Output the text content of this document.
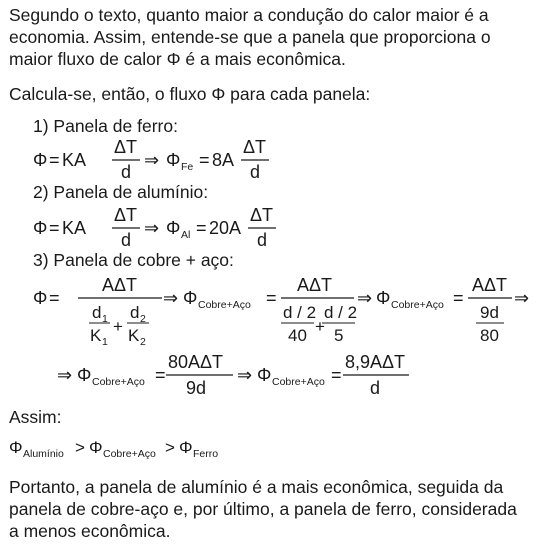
Segundo o texto, quanto maior a condução do calor maior é a
economia. Assim, entende-se que a panela que proporciona o
maior fluxo de calor Φ é a mais econômica.
Calcula-se, então, o fluxo Φ para cada panela:
1) Panela de ferro:
2) Panela de alumínio:
3) Panela de cobre + aço:
Assim:
Portanto, a panela de alumínio é a mais econômica, seguida da
panela de cobre-aço e, por último, a panela de ferro, considerada
a menos econômica.
Φ = KA
ΔT
d
⇒ Φ Fe = 8A
ΔT
d
Φ = KA
ΔT
d
⇒ Φ Al = 20A
ΔT
d
Φ =
AΔT
d 1
K 1
+
d 2
K 2
⇒ Φ Cobre+Aço =
AΔT
d / 2
40 +
d / 2
5
⇒ Φ Cobre+Aço =
AΔT
9d
80
⇒
⇒ Φ Cobre+Aço =
80AΔT
9d
⇒ Φ Cobre+Aço =
8,9AΔT
d
Φ Alumínio > Φ Cobre+Aço > Φ Ferro
